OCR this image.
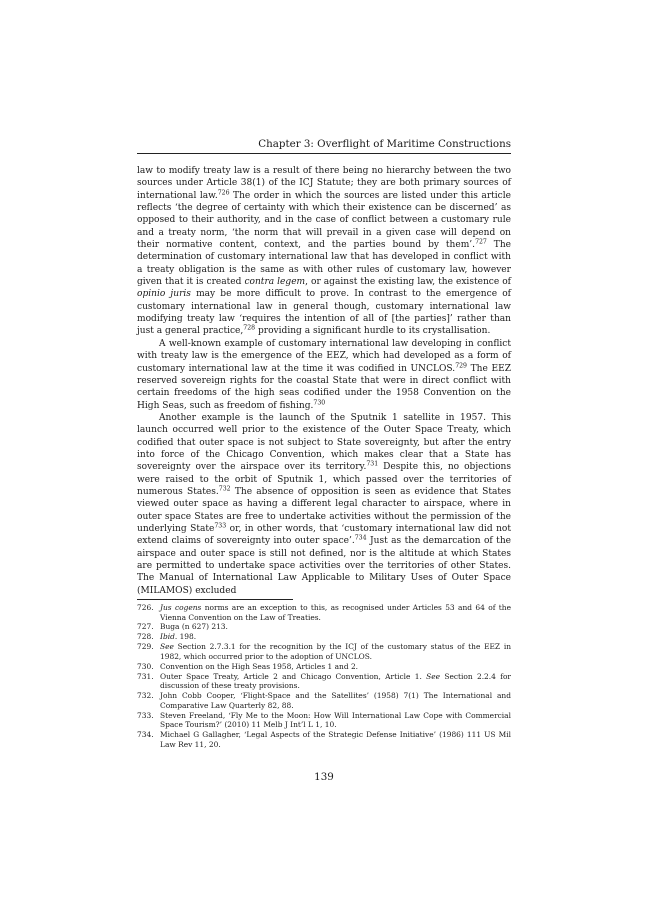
Chapter 3: Overflight of Maritime Constructions

law to modify treaty law is a result of there being no hierarchy between the two sources under Article 38(1) of the ICJ Statute; they are both primary sources of international law.$^{726}$ The order in which the sources are listed under this article reflects ‘the degree of certainty with which their existence can be discerned’ as opposed to their authority, and in the case of conflict between a customary rule and a treaty norm, ‘the norm that will prevail in a given case will depend on their normative content, context, and the parties bound by them’.$^{727}$ The determination of customary international law that has developed in conflict with a treaty obligation is the same as with other rules of customary law, however given that it is created contra legem, or against the existing law, the existence of opinio juris may be more difficult to prove. In contrast to the emergence of customary international law in general though, customary international law modifying treaty law ‘requires the intention of all of [the parties]’ rather than just a general practice,$^{728}$ providing a significant hurdle to its crystallisation.

A well-known example of customary international law developing in conflict with treaty law is the emergence of the EEZ, which had developed as a form of customary international law at the time it was codified in UNCLOS.$^{729}$ The EEZ reserved sovereign rights for the coastal State that were in direct conflict with certain freedoms of the high seas codified under the 1958 Convention on the High Seas, such as freedom of fishing.$^{730}$

Another example is the launch of the Sputnik 1 satellite in 1957. This launch occurred well prior to the existence of the Outer Space Treaty, which codified that outer space is not subject to State sovereignty, but after the entry into force of the Chicago Convention, which makes clear that a State has sovereignty over the airspace over its territory.$^{731}$ Despite this, no objections were raised to the orbit of Sputnik 1, which passed over the territories of numerous States.$^{732}$ The absence of opposition is seen as evidence that States viewed outer space as having a different legal character to airspace, where in outer space States are free to undertake activities without the permission of the underlying State$^{733}$ or, in other words, that ‘customary international law did not extend claims of sovereignty into outer space’.$^{734}$ Just as the demarcation of the airspace and outer space is still not defined, nor is the altitude at which States are permitted to undertake space activities over the territories of other States. The Manual of International Law Applicable to Military Uses of Outer Space (MILAMOS) excluded

726. Jus cogens norms are an exception to this, as recognised under Articles 53 and 64 of the Vienna Convention on the Law of Treaties.
727. Buga (n 627) 213.
728. Ibid. 198.
729. See Section 2.7.3.1 for the recognition by the ICJ of the customary status of the EEZ in 1982, which occurred prior to the adoption of UNCLOS.
730. Convention on the High Seas 1958, Articles 1 and 2.
731. Outer Space Treaty, Article 2 and Chicago Convention, Article 1. See Section 2.2.4 for discussion of these treaty provisions.
732. John Cobb Cooper, ‘Flight-Space and the Satellites’ (1958) 7(1) The International and Comparative Law Quarterly 82, 88.
733. Steven Freeland, ‘Fly Me to the Moon: How Will International Law Cope with Commercial Space Tourism?’ (2010) 11 Melb J Int’l L 1, 10.
734. Michael G Gallagher, ‘Legal Aspects of the Strategic Defense Initiative’ (1986) 111 US Mil Law Rev 11, 20.
139
